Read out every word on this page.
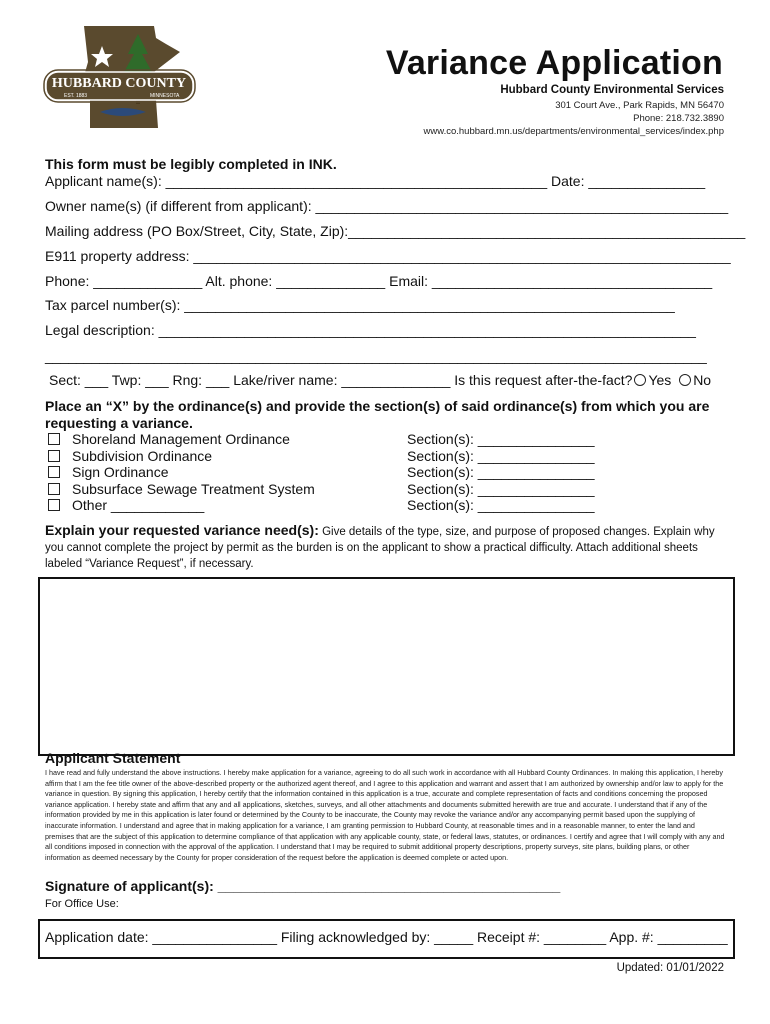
HUBBARD COUNTY
EST. 1883	MINNESOTA
Variance Application
Hubbard County Environmental Services
301 Court Ave., Park Rapids, MN 56470
Phone: 218.732.3890
www.co.hubbard.mn.us/departments/environmental_services/index.php
This form must be legibly completed in INK.
Applicant name(s): _________________________________________________ Date: _______________
Owner name(s) (if different from applicant): _____________________________________________________
Mailing address (PO Box/Street, City, State, Zip):___________________________________________________
E911 property address: _____________________________________________________________________
Phone: ______________ Alt. phone: ______________ Email: ____________________________________
Tax parcel number(s): _______________________________________________________________
Legal description: _____________________________________________________________________
_____________________________________________________________________________________
Sect: ___ Twp: ___ Rng: ___ Lake/river name: ______________ Is this request after-the-fact? Yes No
Place an “X” by the ordinance(s) and provide the section(s) of said ordinance(s) from which you are
requesting a variance.
Shoreland Management Ordinance	Section(s): _______________
Subdivision Ordinance	Section(s): _______________
Sign Ordinance	Section(s): _______________
Subsurface Sewage Treatment System	Section(s): _______________
Other ____________	Section(s): _______________
Explain your requested variance need(s): Give details of the type, size, and purpose of proposed changes. Explain why you cannot complete the project by permit as the burden is on the applicant to show a practical difficulty. Attach additional sheets labeled “Variance Request”, if necessary.
Applicant Statement
I have read and fully understand the above instructions. I hereby make application for a variance, agreeing to do all such work in accordance with all Hubbard County Ordinances. In making this application, I hereby affirm that I am the fee title owner of the above-described property or the authorized agent thereof, and I agree to this application and warrant and assert that I am authorized by ownership and/or law to apply for the variance in question. By signing this application, I hereby certify that the information contained in this application is a true, accurate and complete representation of facts and conditions concerning the proposed variance application. I hereby state and affirm that any and all applications, sketches, surveys, and all other attachments and documents submitted herewith are true and accurate. I understand that if any of the information provided by me in this application is later found or determined by the County to be inaccurate, the County may revoke the variance and/or any accompanying permit based upon the supplying of inaccurate information. I understand and agree that in making application for a variance, I am granting permission to Hubbard County, at reasonable times and in a reasonable manner, to enter the land and premises that are the subject of this application to determine compliance of that application with any applicable county, state, or federal laws, statutes, or ordinances. I certify and agree that I will comply with any and all conditions imposed in connection with the approval of the application. I understand that I may be required to submit additional property descriptions, property surveys, site plans, building plans, or other information as deemed necessary by the County for proper consideration of the request before the application is deemed complete or acted upon.
Signature of applicant(s): ____________________________________________
For Office Use:
Application date: ________________ Filing acknowledged by: _____ Receipt #: ________ App. #: _________
Updated: 01/01/2022
